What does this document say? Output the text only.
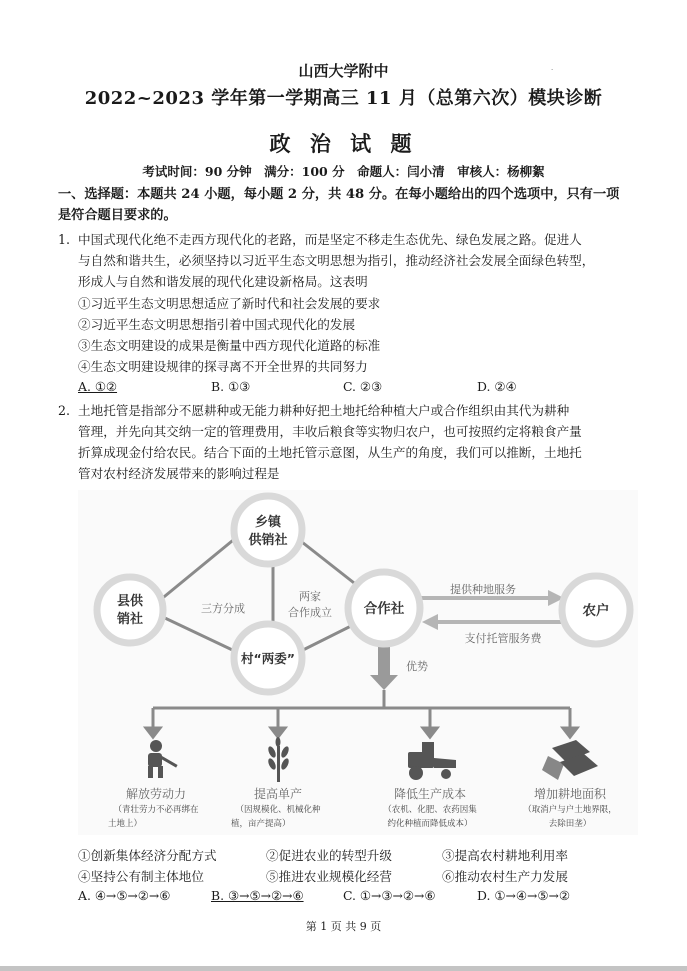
·
山西大学附中
2022~2023 学年第一学期高三 11 月（总第六次）模块诊断
政 治 试 题
考试时间：90 分钟　满分：100 分　命题人：闫小清　审核人：杨柳絮
一、选择题：本题共 24 小题，每小题 2 分，共 48 分。在每小题给出的四个选项中，只有一项
是符合题目要求的。
1. 中国式现代化绝不走西方现代化的老路，而是坚定不移走生态优先、绿色发展之路。促进人
与自然和谐共生，必须坚持以习近平生态文明思想为指引，推动经济社会发展全面绿色转型，
形成人与自然和谐发展的现代化建设新格局。这表明
①习近平生态文明思想适应了新时代和社会发展的要求
②习近平生态文明思想指引着中国式现代化的发展
③生态文明建设的成果是衡量中西方现代化道路的标准
④生态文明建设规律的探寻离不开全世界的共同努力
A. ①②	B. ①③	C. ②③	D. ②④
2. 土地托管是指部分不愿耕种或无能力耕种好把土地托给种植大户或合作组织由其代为耕种
管理，并先向其交纳一定的管理费用，丰收后粮食等实物归农户，也可按照约定将粮食产量
折算成现金付给农民。结合下面的土地托管示意图，从生产的角度，我们可以推断，土地托
管对农村经济发展带来的影响过程是
乡镇
供销社
县供
销社
村“两委”
合作社	农户
三方分成
两家
合作成立
提供种地服务
支付托管服务费
优势
解放劳动力
（青壮劳力不必再绑在
土地上）
提高单产
（因规模化、机械化种
植，亩产提高）
降低生产成本
（农机、化肥、农药因集
约化种植而降低成本）
增加耕地面积
（取消户与户土地界限，
去除田垄）
①创新集体经济分配方式	②促进农业的转型升级	③提高农村耕地利用率
④坚持公有制主体地位	⑤推进农业规模化经营	⑥推动农村生产力发展
A. ④→⑤→②→⑥	B. ③→⑤→②→⑥	C. ①→③→②→⑥	D. ①→④→⑤→②
第 1 页 共 9 页
